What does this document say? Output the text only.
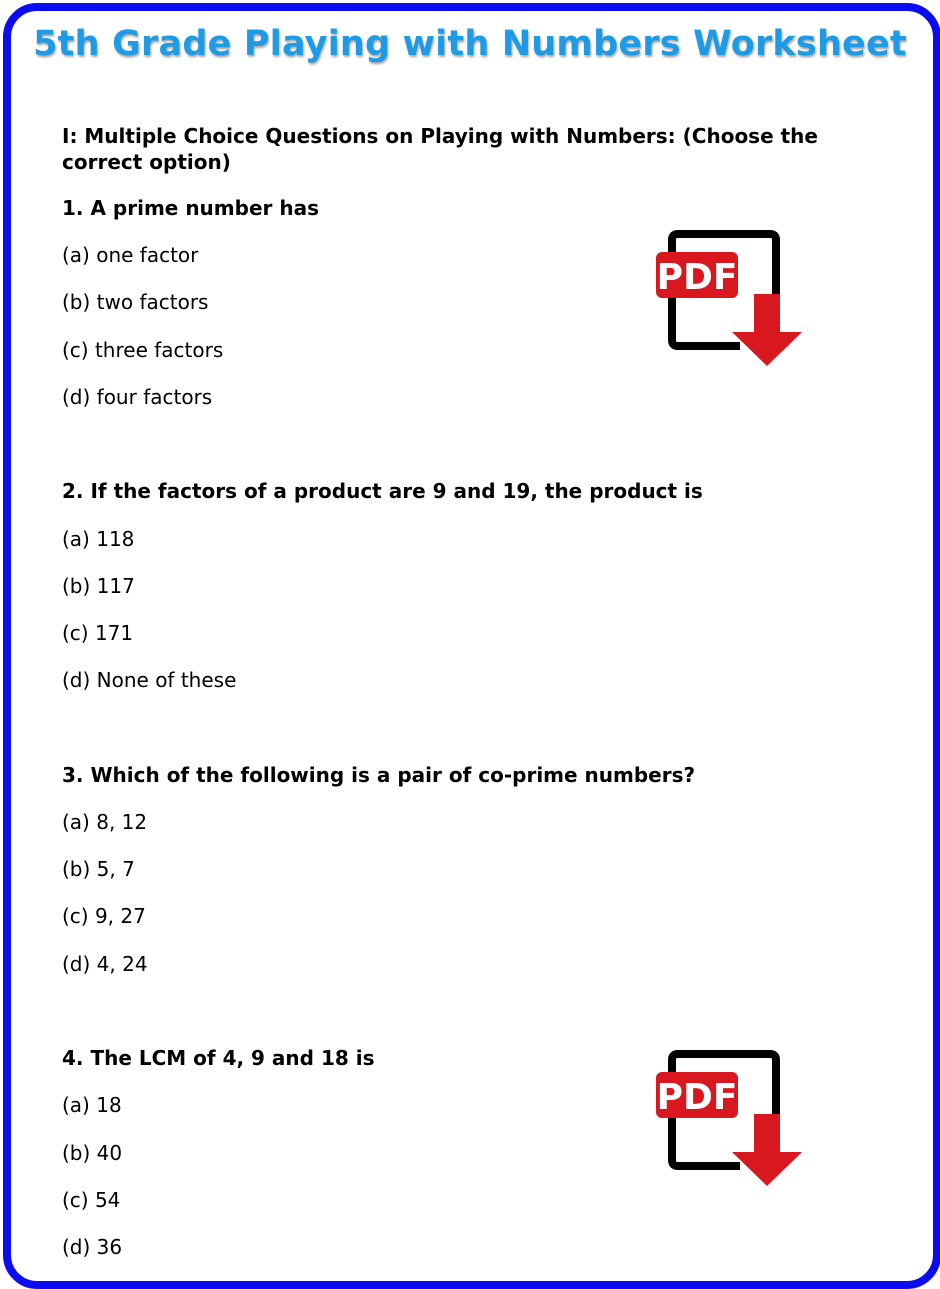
5th Grade Playing with Numbers Worksheet
I: Multiple Choice Questions on Playing with Numbers: (Choose the correct option)
1. A prime number has
(a) one factor
(b) two factors
(c) three factors
(d) four factors
2. If the factors of a product are 9 and 19, the product is
(a) 118
(b) 117
(c) 171
(d) None of these
3. Which of the following is a pair of co-prime numbers?
(a) 8, 12
(b) 5, 7
(c) 9, 27
(d) 4, 24
4. The LCM of 4, 9 and 18 is
(a) 18
(b) 40
(c) 54
(d) 36
PDF
PDF
